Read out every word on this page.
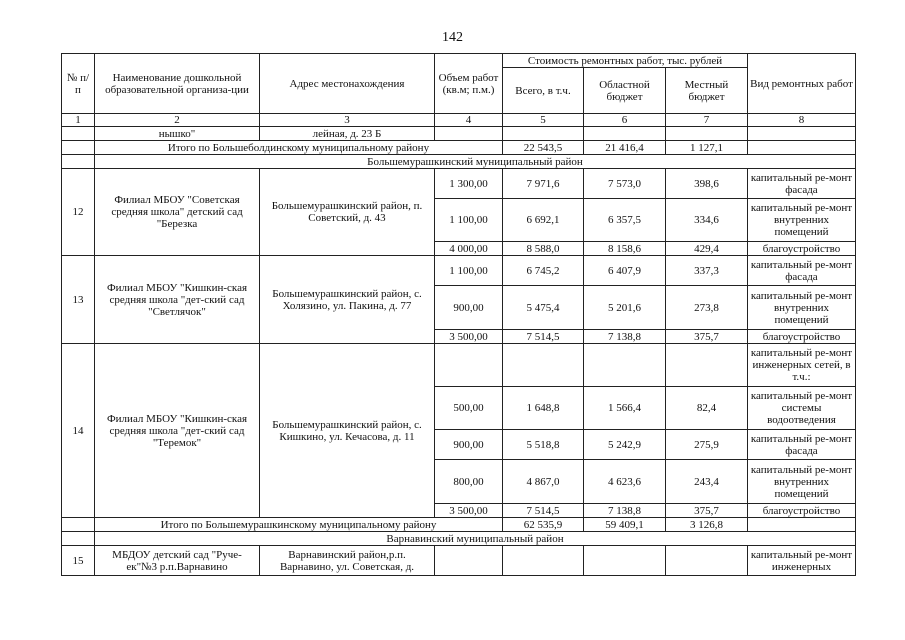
142
№ п/п	Наименование дошкольной образовательной организа-ции	Адрес местонахождения	Объем работ (кв.м; п.м.)	Стоимость ремонтных работ, тыс. рублей			Вид ремонтных работ
				Всего, в т.ч.	Областной бюджет	Местный бюджет	
1	2	3	4	5	6	7	8
	нышко"	лейная, д. 23 Б					
	Итого по Большеболдинскому муниципальному району			22 543,5	21 416,4	1 127,1	
	Большемурашкинский муниципальный район						
12	Филиал МБОУ "Советская средняя школа" детский сад "Березка	Большемурашкинский район, п. Советский, д. 43	1 300,00	7 971,6	7 573,0	398,6	капитальный ре-монт фасада
			1 100,00	6 692,1	6 357,5	334,6	капитальный ре-монт внутренних помещений
			4 000,00	8 588,0	8 158,6	429,4	благоустройство
13	Филиал МБОУ "Кишкин-ская средняя школа "дет-ский сад "Светлячок"	Большемурашкинский район, с. Холязино, ул. Пакина, д. 77	1 100,00	6 745,2	6 407,9	337,3	капитальный ре-монт фасада
			900,00	5 475,4	5 201,6	273,8	капитальный ре-монт внутренних помещений
			3 500,00	7 514,5	7 138,8	375,7	благоустройство
14	Филиал МБОУ "Кишкин-ская средняя школа "дет-ский сад "Теремок"	Большемурашкинский район, с. Кишкино, ул. Кечасова, д. 11					капитальный ре-монт инженерных сетей, в т.ч.:
			500,00	1 648,8	1 566,4	82,4	капитальный ре-монт системы водоотведения
			900,00	5 518,8	5 242,9	275,9	капитальный ре-монт фасада
			800,00	4 867,0	4 623,6	243,4	капитальный ре-монт внутренних помещений
			3 500,00	7 514,5	7 138,8	375,7	благоустройство
	Итого по Большемурашкинскому муниципальному району			62 535,9	59 409,1	3 126,8	
	Варнавинский муниципальный район						
15	МБДОУ детский сад "Руче-ек"№3 р.п.Варнавино	Варнавинский район,р.п. Варнавино, ул. Советская, д.					капитальный ре-монт инженерных
